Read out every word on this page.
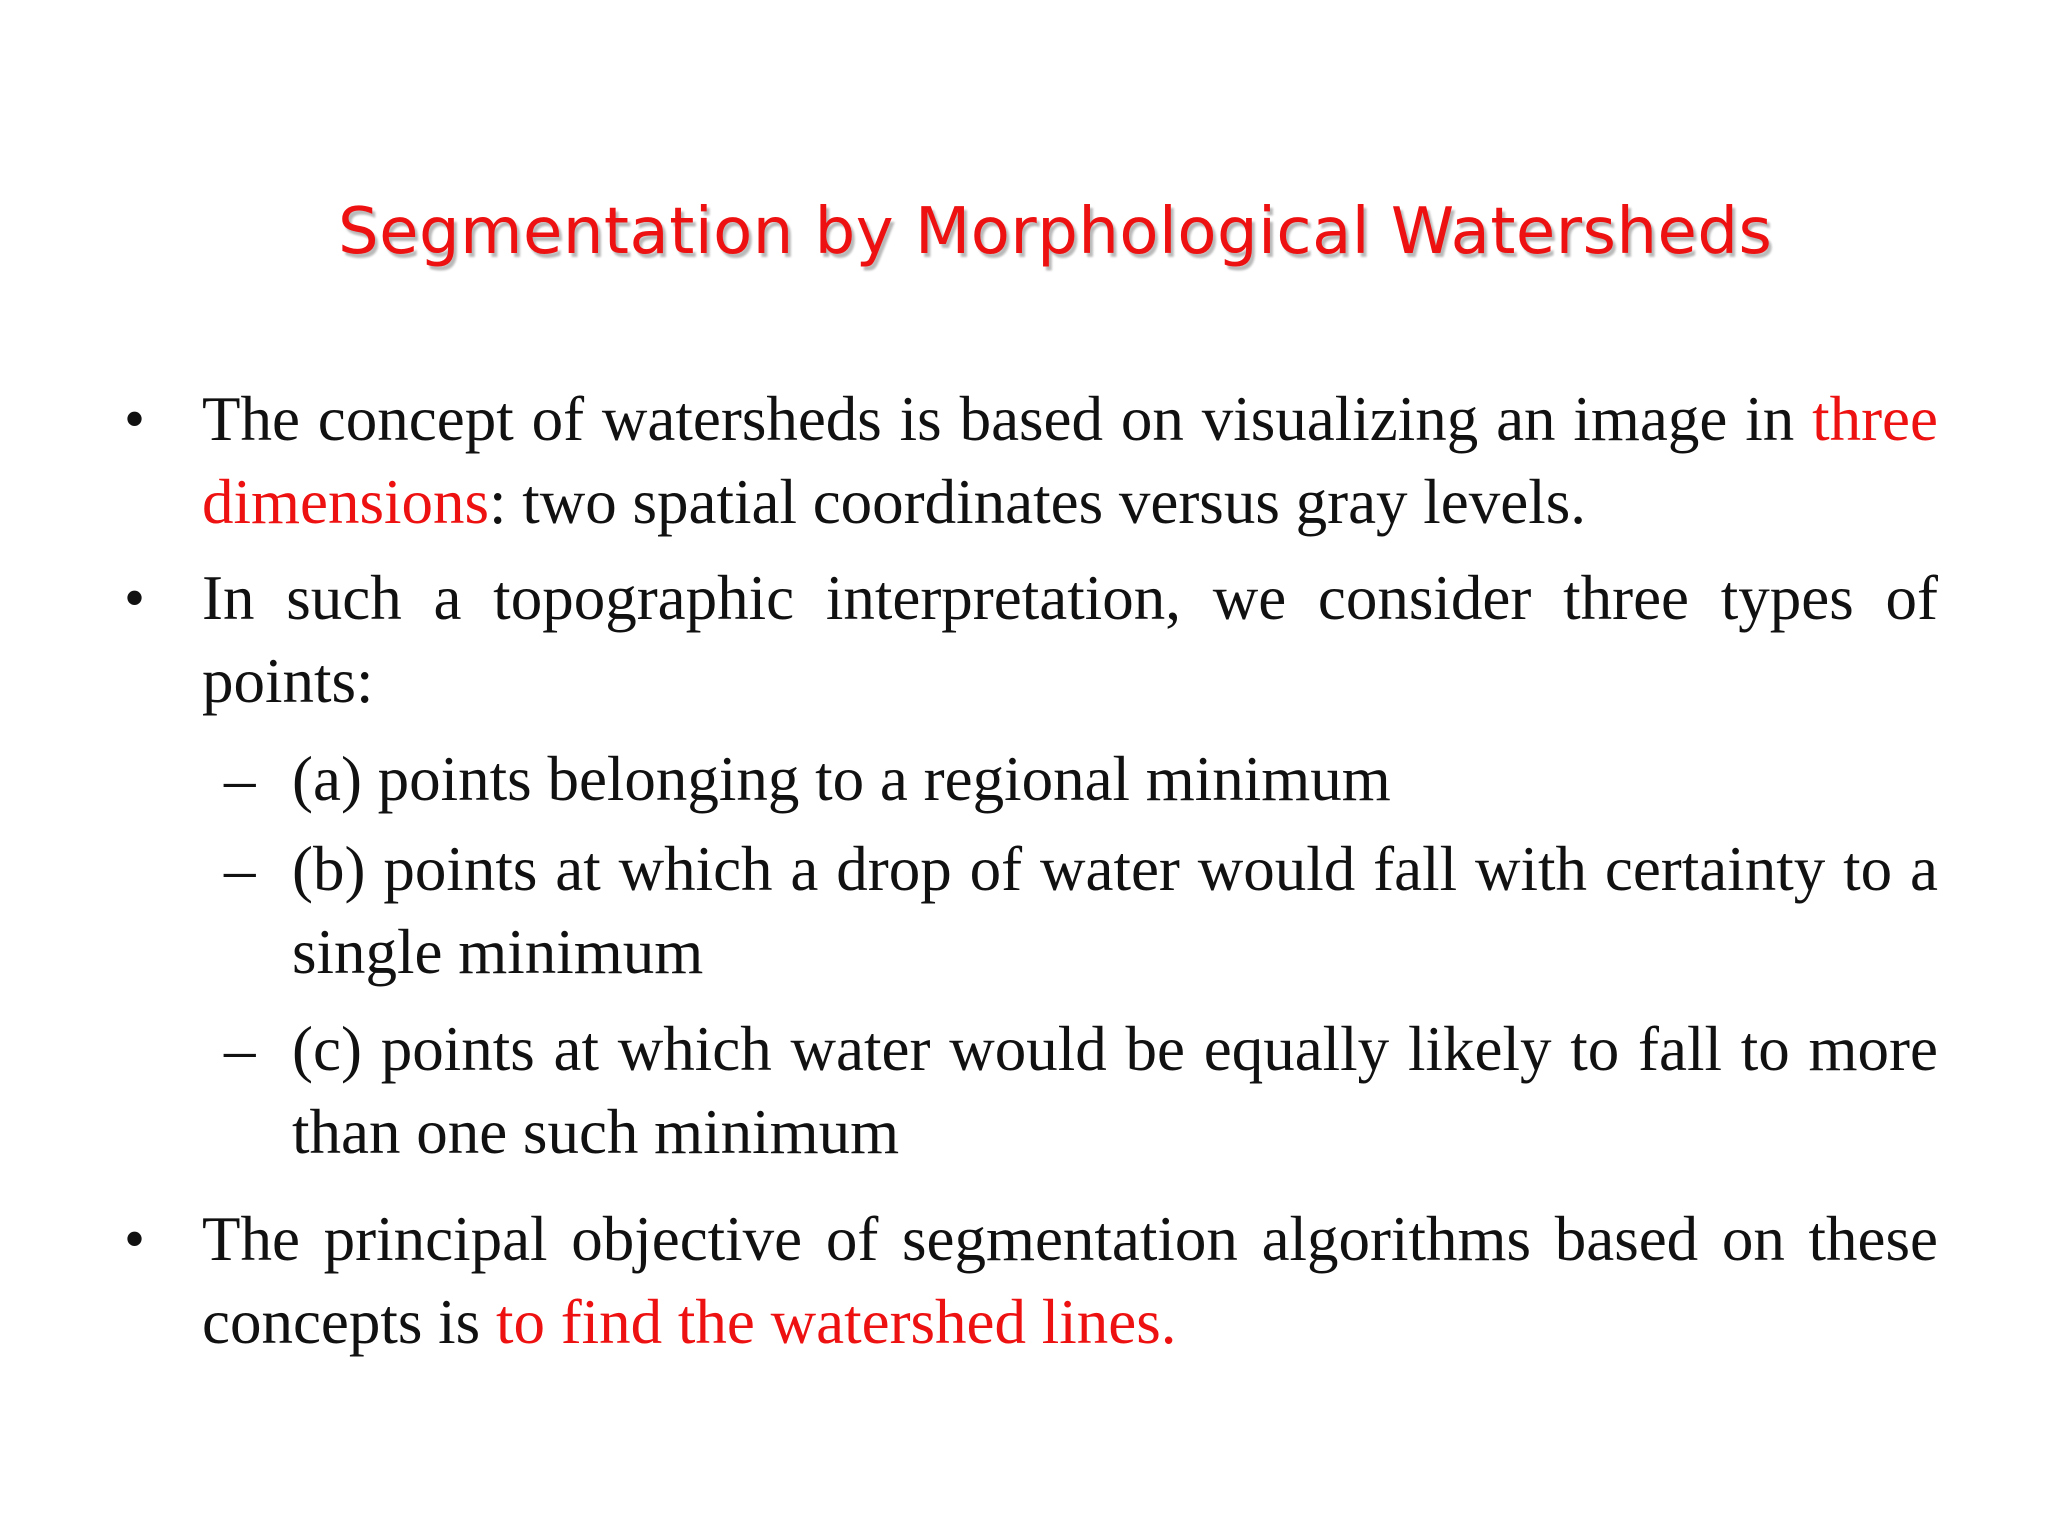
Segmentation by Morphological Watersheds

• The concept of watersheds is based on visualizing an image in three dimensions: two spatial coordinates versus gray levels.

• In such a topographic interpretation, we consider three types of points:

– (a) points belonging to a regional minimum

– (b) points at which a drop of water would fall with certainty to a single minimum

– (c) points at which water would be equally likely to fall to more than one such minimum

• The principal objective of segmentation algorithms based on these concepts is to find the watershed lines.
